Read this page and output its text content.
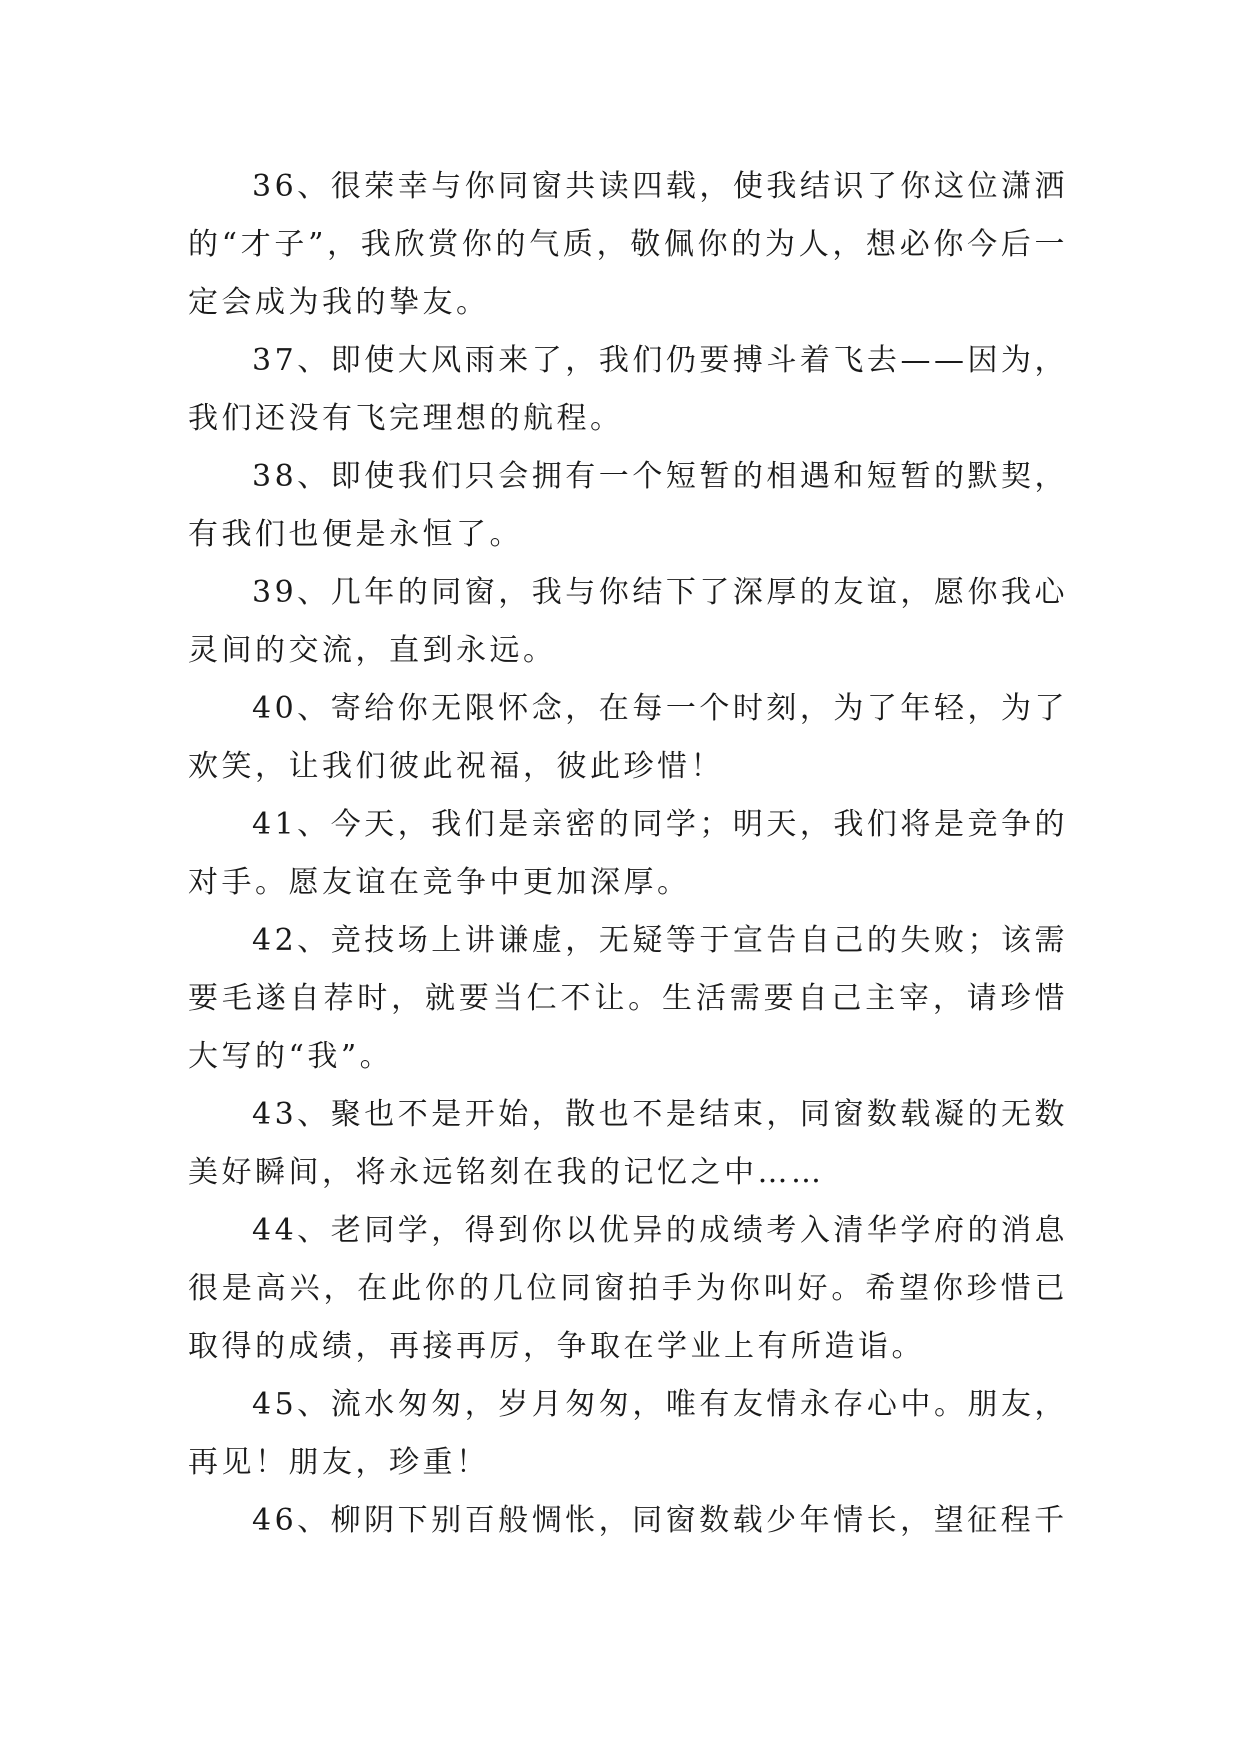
36、很荣幸与你同窗共读四载，使我结识了你这位潇洒的“才子”，我欣赏你的气质，敬佩你的为人，想必你今后一定会成为我的挚友。

37、即使大风雨来了，我们仍要搏斗着飞去——因为，我们还没有飞完理想的航程。

38、即使我们只会拥有一个短暂的相遇和短暂的默契，有我们也便是永恒了。

39、几年的同窗，我与你结下了深厚的友谊，愿你我心灵间的交流，直到永远。

40、寄给你无限怀念，在每一个时刻，为了年轻，为了欢笑，让我们彼此祝福，彼此珍惜！

41、今天，我们是亲密的同学；明天，我们将是竞争的对手。愿友谊在竞争中更加深厚。

42、竞技场上讲谦虚，无疑等于宣告自己的失败；该需要毛遂自荐时，就要当仁不让。生活需要自己主宰，请珍惜大写的“我”。

43、聚也不是开始，散也不是结束，同窗数载凝的无数美好瞬间，将永远铭刻在我的记忆之中……

44、老同学，得到你以优异的成绩考入清华学府的消息很是高兴，在此你的几位同窗拍手为你叫好。希望你珍惜已取得的成绩，再接再厉，争取在学业上有所造诣。

45、流水匆匆，岁月匆匆，唯有友情永存心中。朋友，再见！朋友，珍重！

46、柳阴下别百般惆怅，同窗数载少年情长，望征程千
